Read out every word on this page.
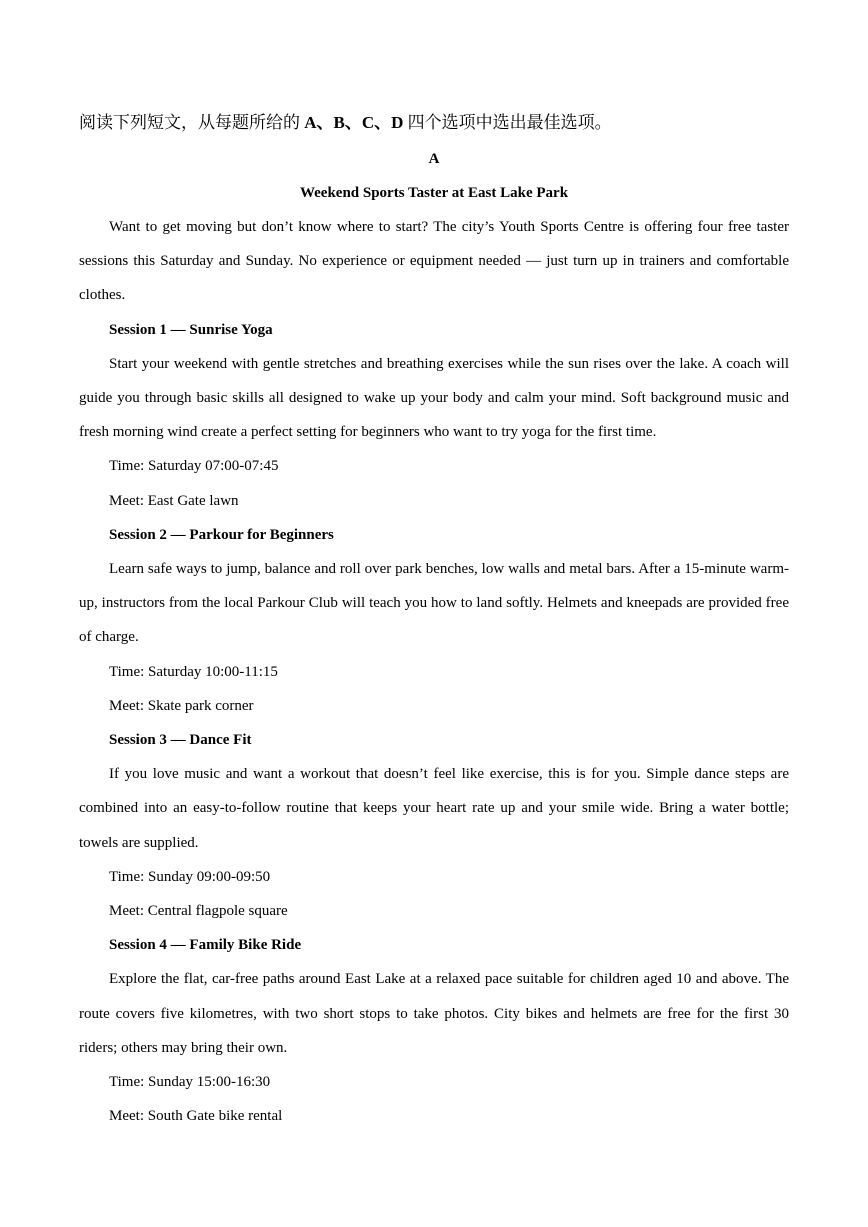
阅读下列短文，从每题所给的 A、B、C、D 四个选项中选出最佳选项。

A

Weekend Sports Taster at East Lake Park

Want to get moving but don’t know where to start? The city’s Youth Sports Centre is offering four free taster sessions this Saturday and Sunday. No experience or equipment needed — just turn up in trainers and comfortable clothes.

Session 1 — Sunrise Yoga

Start your weekend with gentle stretches and breathing exercises while the sun rises over the lake. A coach will guide you through basic skills all designed to wake up your body and calm your mind. Soft background music and fresh morning wind create a perfect setting for beginners who want to try yoga for the first time.

Time: Saturday 07:00-07:45

Meet: East Gate lawn

Session 2 — Parkour for Beginners

Learn safe ways to jump, balance and roll over park benches, low walls and metal bars. After a 15-minute warm-up, instructors from the local Parkour Club will teach you how to land softly. Helmets and kneepads are provided free of charge.

Time: Saturday 10:00-11:15

Meet: Skate park corner

Session 3 — Dance Fit

If you love music and want a workout that doesn’t feel like exercise, this is for you. Simple dance steps are combined into an easy-to-follow routine that keeps your heart rate up and your smile wide. Bring a water bottle; towels are supplied.

Time: Sunday 09:00-09:50

Meet: Central flagpole square

Session 4 — Family Bike Ride

Explore the flat, car-free paths around East Lake at a relaxed pace suitable for children aged 10 and above. The route covers five kilometres, with two short stops to take photos. City bikes and helmets are free for the first 30 riders; others may bring their own.

Time: Sunday 15:00-16:30

Meet: South Gate bike rental
